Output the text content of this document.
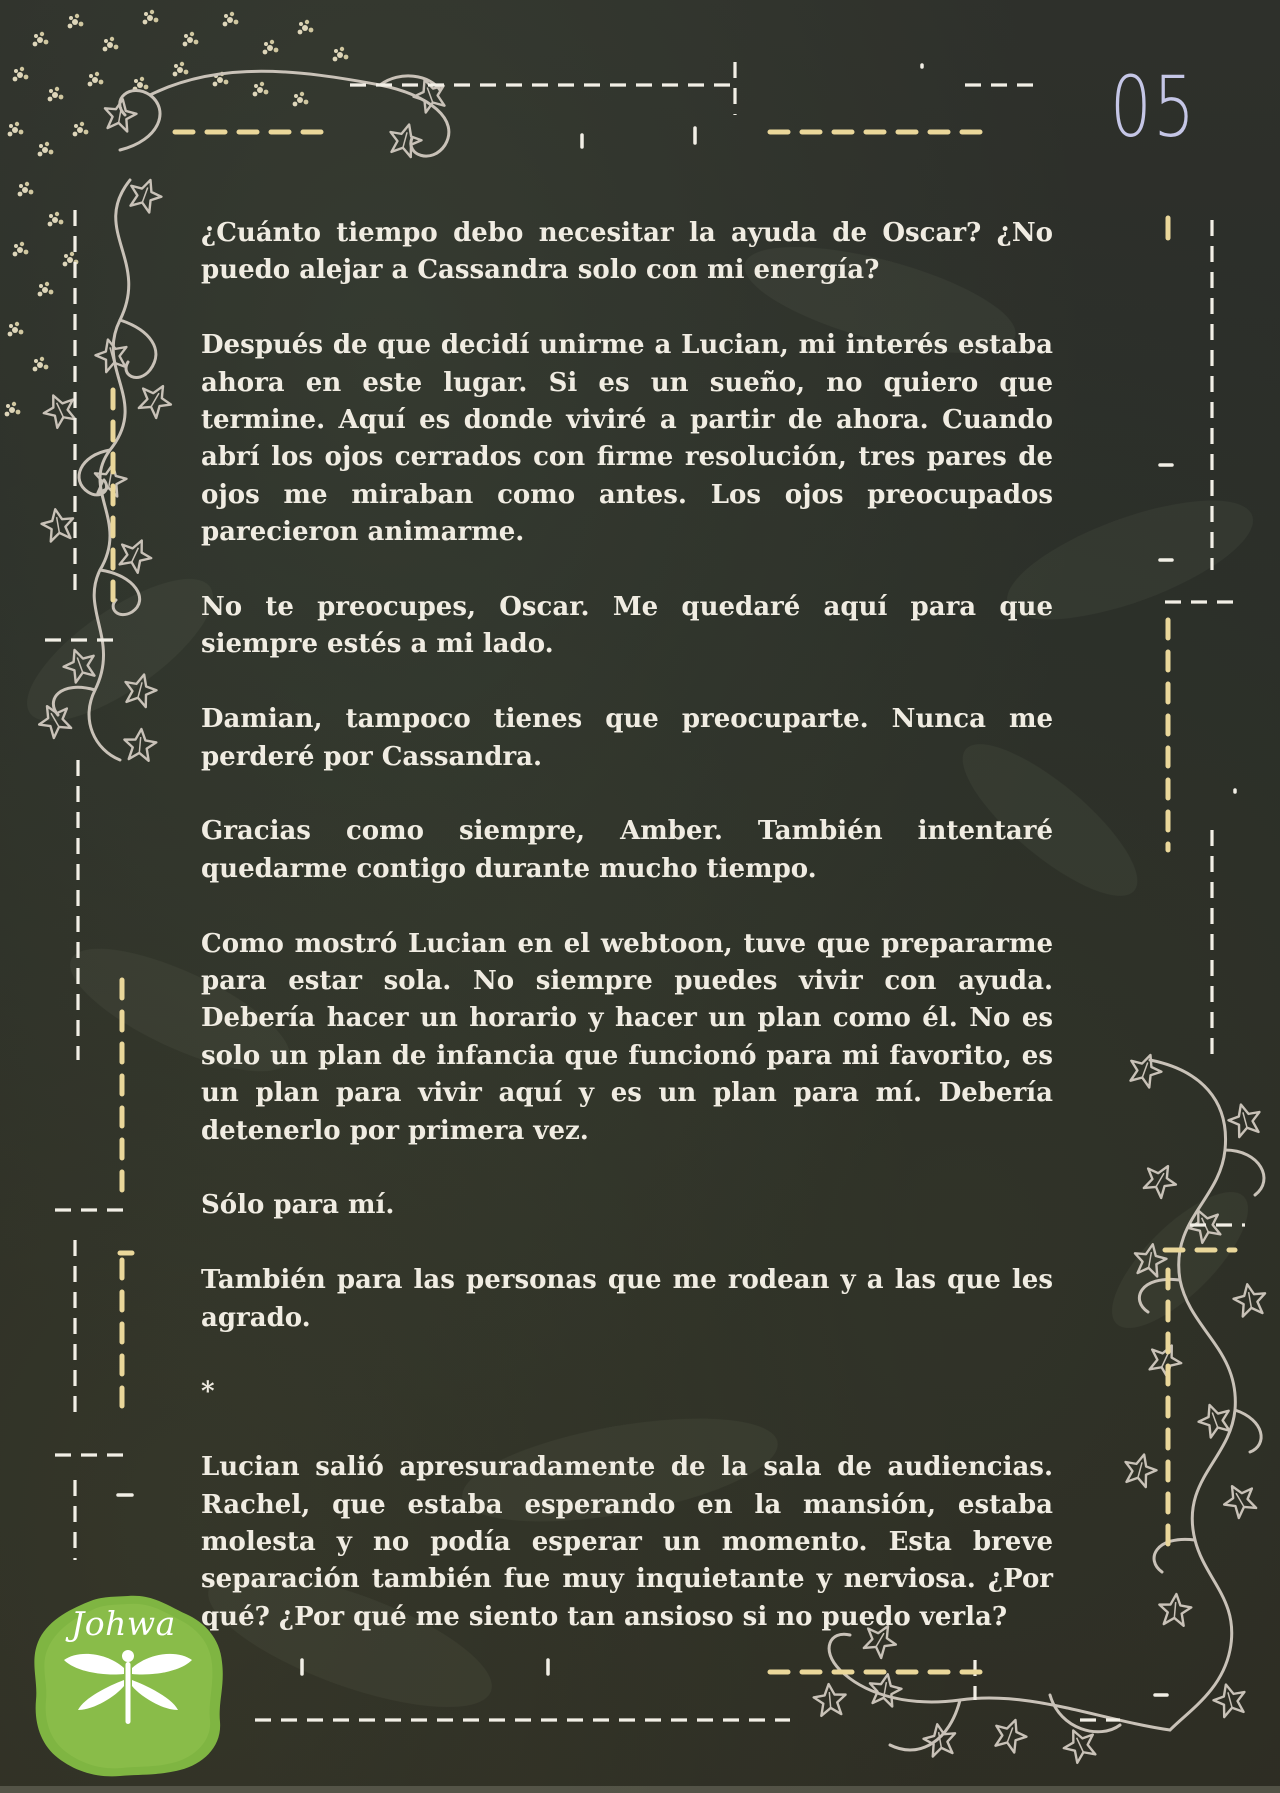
05

¿Cuánto tiempo debo necesitar la ayuda de Oscar? ¿No puedo alejar a Cassandra solo con mi energía?

Después de que decidí unirme a Lucian, mi interés estaba ahora en este lugar. Si es un sueño, no quiero que termine. Aquí es donde viviré a partir de ahora. Cuando abrí los ojos cerrados con firme resolución, tres pares de ojos me miraban como antes. Los ojos preocupados parecieron animarme.

No te preocupes, Oscar. Me quedaré aquí para que siempre estés a mi lado.

Damian, tampoco tienes que preocuparte. Nunca me perderé por Cassandra.

Gracias como siempre, Amber. También intentaré quedarme contigo durante mucho tiempo.

Como mostró Lucian en el webtoon, tuve que prepararme para estar sola. No siempre puedes vivir con ayuda. Debería hacer un horario y hacer un plan como él. No es solo un plan de infancia que funcionó para mi favorito, es un plan para vivir aquí y es un plan para mí. Debería detenerlo por primera vez.

Sólo para mí.

También para las personas que me rodean y a las que les agrado.

*

Lucian salió apresuradamente de la sala de audiencias. Rachel, que estaba esperando en la mansión, estaba molesta y no podía esperar un momento. Esta breve separación también fue muy inquietante y nerviosa. ¿Por qué? ¿Por qué me siento tan ansioso si no puedo verla?

Johwa
